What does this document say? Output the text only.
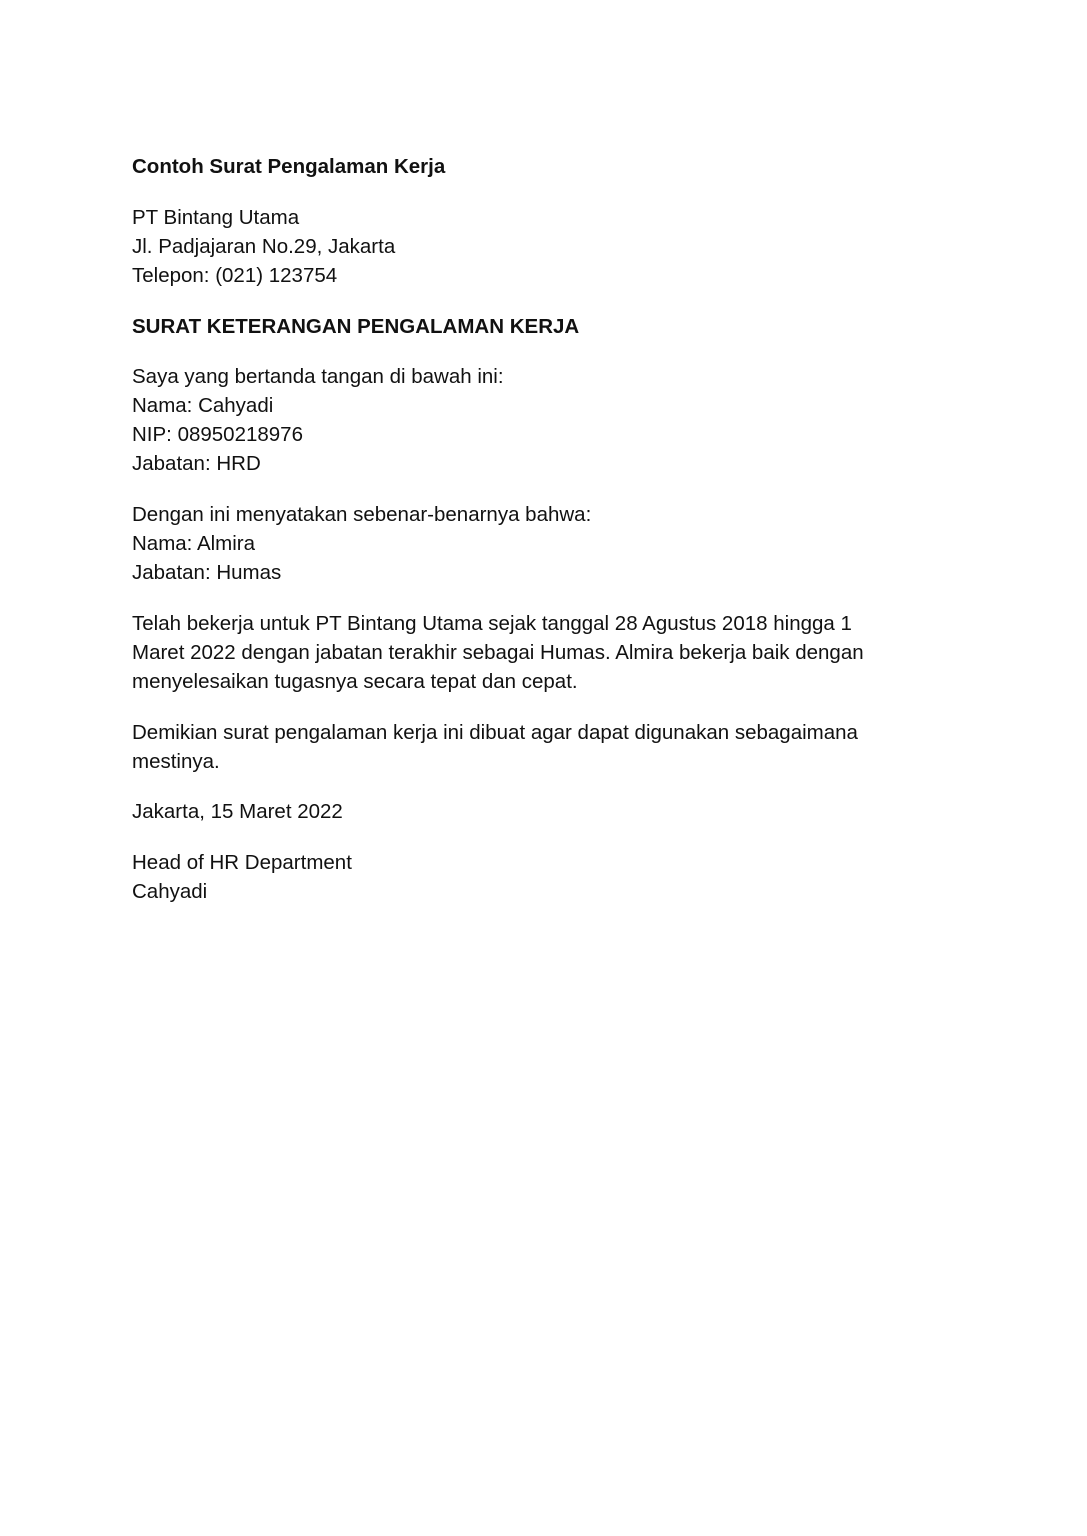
Contoh Surat Pengalaman Kerja
PT Bintang Utama
Jl. Padjajaran No.29, Jakarta
Telepon: (021) 123754
SURAT KETERANGAN PENGALAMAN KERJA
Saya yang bertanda tangan di bawah ini:
Nama: Cahyadi
NIP: 08950218976
Jabatan: HRD
Dengan ini menyatakan sebenar-benarnya bahwa:
Nama: Almira
Jabatan: Humas
Telah bekerja untuk PT Bintang Utama sejak tanggal 28 Agustus 2018 hingga 1
Maret 2022 dengan jabatan terakhir sebagai Humas. Almira bekerja baik dengan
menyelesaikan tugasnya secara tepat dan cepat.
Demikian surat pengalaman kerja ini dibuat agar dapat digunakan sebagaimana
mestinya.
Jakarta, 15 Maret 2022
Head of HR Department
Cahyadi
